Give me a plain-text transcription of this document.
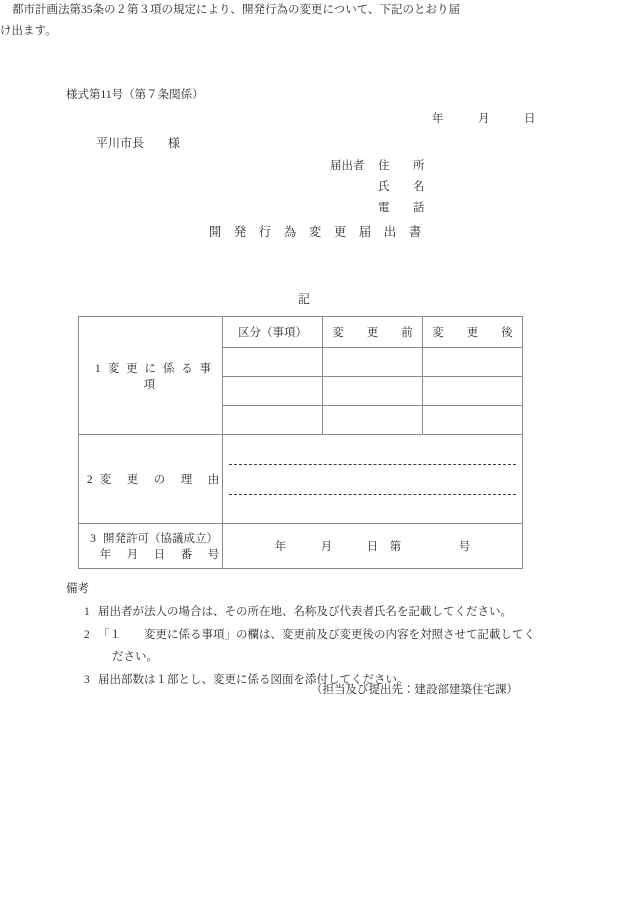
様式第11号（第７条関係）
年　　　月　　　日
平川市長　　様
届出者	住　所
氏　名
電　話
開　発　行　為　変　更　届　出　書
都市計画法第35条の２第３項の規定により、開発行為の変更について、下記のとおり届け出ます。
記
1 変 更 に 係 る 事 項	区分（事項）	変　　更　　前	変　　更　　後

2 変　更　の　理　由			

3 開発許可（協議成立）
年　月　日　番　号	年　　　月　　　日　第　　　　　号		
備考
1 届出者が法人の場合は、その所在地、名称及び代表者氏名を記載してください。
2 「１　　変更に係る事項」の欄は、変更前及び変更後の内容を対照させて記載してく
ださい。
3 届出部数は１部とし、変更に係る図面を添付してください。
（担当及び提出先：建設部建築住宅課）
